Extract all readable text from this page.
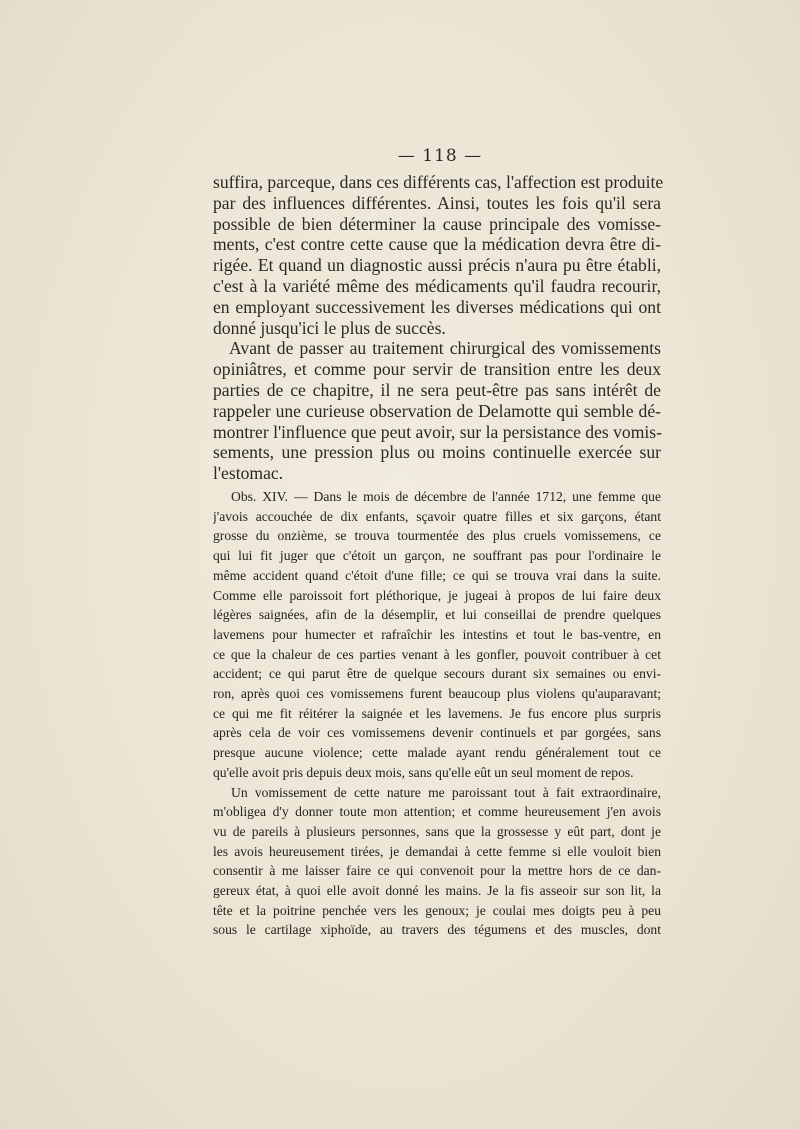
— 118 —
suffira, parceque, dans ces différents cas, l'affection est produite
par des influences différentes. Ainsi, toutes les fois qu'il sera
possible de bien déterminer la cause principale des vomisse-
ments, c'est contre cette cause que la médication devra être di-
rigée. Et quand un diagnostic aussi précis n'aura pu être établi,
c'est à la variété même des médicaments qu'il faudra recourir,
en employant successivement les diverses médications qui ont
donné jusqu'ici le plus de succès.
Avant de passer au traitement chirurgical des vomissements
opiniâtres, et comme pour servir de transition entre les deux
parties de ce chapitre, il ne sera peut-être pas sans intérêt de
rappeler une curieuse observation de Delamotte qui semble dé-
montrer l'influence que peut avoir, sur la persistance des vomis-
sements, une pression plus ou moins continuelle exercée sur
l'estomac.
Obs. XIV. — Dans le mois de décembre de l'année 1712, une femme que
j'avois accouchée de dix enfants, sçavoir quatre filles et six garçons, étant
grosse du onzième, se trouva tourmentée des plus cruels vomissemens, ce
qui lui fit juger que c'étoit un garçon, ne souffrant pas pour l'ordinaire le
même accident quand c'étoit d'une fille; ce qui se trouva vrai dans la suite.
Comme elle paroissoit fort pléthorique, je jugeai à propos de lui faire deux
légères saignées, afin de la désemplir, et lui conseillai de prendre quelques
lavemens pour humecter et rafraîchir les intestins et tout le bas-ventre, en
ce que la chaleur de ces parties venant à les gonfler, pouvoit contribuer à cet
accident; ce qui parut être de quelque secours durant six semaines ou envi-
ron, après quoi ces vomissemens furent beaucoup plus violens qu'auparavant;
ce qui me fit réitérer la saignée et les lavemens. Je fus encore plus surpris
après cela de voir ces vomissemens devenir continuels et par gorgées, sans
presque aucune violence; cette malade ayant rendu généralement tout ce
qu'elle avoit pris depuis deux mois, sans qu'elle eût un seul moment de repos.
Un vomissement de cette nature me paroissant tout à fait extraordinaire,
m'obligea d'y donner toute mon attention; et comme heureusement j'en avois
vu de pareils à plusieurs personnes, sans que la grossesse y eût part, dont je
les avois heureusement tirées, je demandai à cette femme si elle vouloit bien
consentir à me laisser faire ce qui convenoit pour la mettre hors de ce dan-
gereux état, à quoi elle avoit donné les mains. Je la fis asseoir sur son lit, la
tête et la poitrine penchée vers les genoux; je coulai mes doigts peu à peu
sous le cartilage xiphoïde, au travers des tégumens et des muscles, dont
